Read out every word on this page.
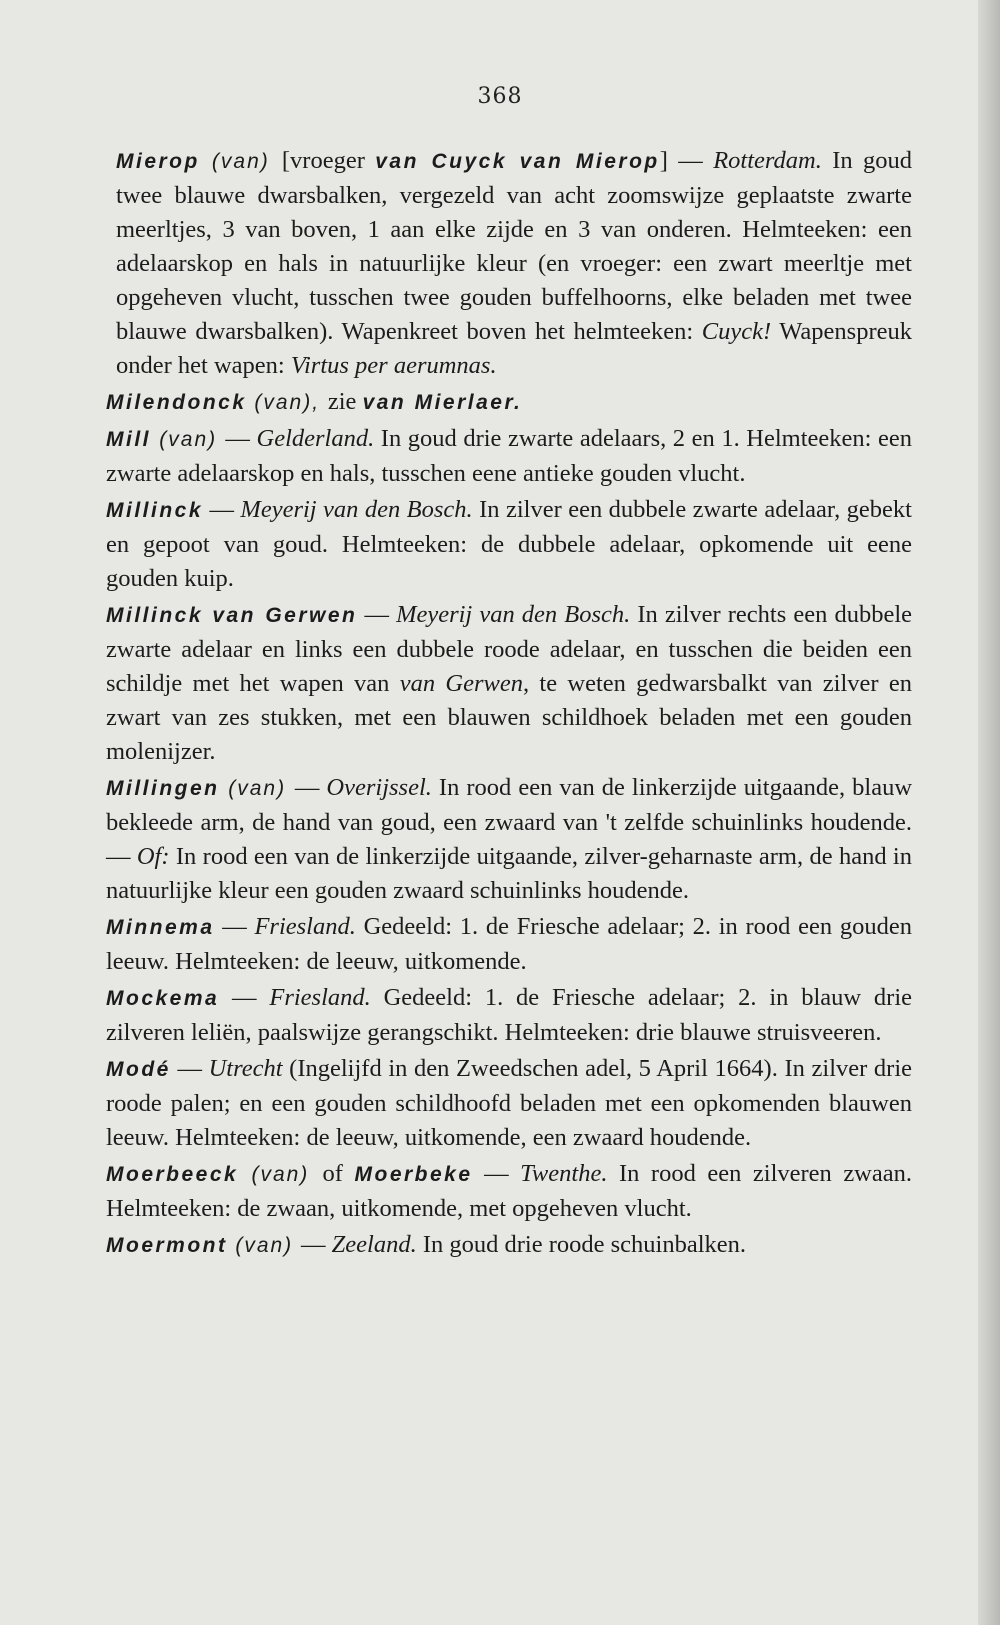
368

Mierop (van) [vroeger van Cuyck van Mierop] — Rotterdam. In goud twee blauwe dwarsbalken, vergezeld van acht zoomswijze geplaatste zwarte meerltjes, 3 van boven, 1 aan elke zijde en 3 van onderen. Helmteeken: een adelaarskop en hals in natuurlijke kleur (en vroeger: een zwart meerltje met opgeheven vlucht, tusschen twee gouden buffelhoorns, elke beladen met twee blauwe dwarsbalken). Wapenkreet boven het helmteeken: Cuyck! Wapenspreuk onder het wapen: Virtus per aerumnas.

Milendonck (van), zie van Mierlaer.

Mill (van) — Gelderland. In goud drie zwarte adelaars, 2 en 1. Helmteeken: een zwarte adelaarskop en hals, tusschen eene antieke gouden vlucht.

Millinck — Meyerij van den Bosch. In zilver een dubbele zwarte adelaar, gebekt en gepoot van goud. Helmteeken: de dubbele adelaar, opkomende uit eene gouden kuip.

Millinck van Gerwen — Meyerij van den Bosch. In zilver rechts een dubbele zwarte adelaar en links een dubbele roode adelaar, en tusschen die beiden een schildje met het wapen van van Gerwen, te weten gedwarsbalkt van zilver en zwart van zes stukken, met een blauwen schildhoek beladen met een gouden molenijzer.

Millingen (van) — Overijssel. In rood een van de linkerzijde uitgaande, blauw bekleede arm, de hand van goud, een zwaard van 't zelfde schuinlinks houdende. — Of: In rood een van de linkerzijde uitgaande, zilver-geharnaste arm, de hand in natuurlijke kleur een gouden zwaard schuinlinks houdende.

Minnema — Friesland. Gedeeld: 1. de Friesche adelaar; 2. in rood een gouden leeuw. Helmteeken: de leeuw, uitkomende.

Mockema — Friesland. Gedeeld: 1. de Friesche adelaar; 2. in blauw drie zilveren leliën, paalswijze gerangschikt. Helmteeken: drie blauwe struisveeren.

Modé — Utrecht (Ingelijfd in den Zweedschen adel, 5 April 1664). In zilver drie roode palen; en een gouden schildhoofd beladen met een opkomenden blauwen leeuw. Helmteeken: de leeuw, uitkomende, een zwaard houdende.

Moerbeeck (van) of Moerbeke — Twenthe. In rood een zilveren zwaan. Helmteeken: de zwaan, uitkomende, met opgeheven vlucht.

Moermont (van) — Zeeland. In goud drie roode schuinbalken.
